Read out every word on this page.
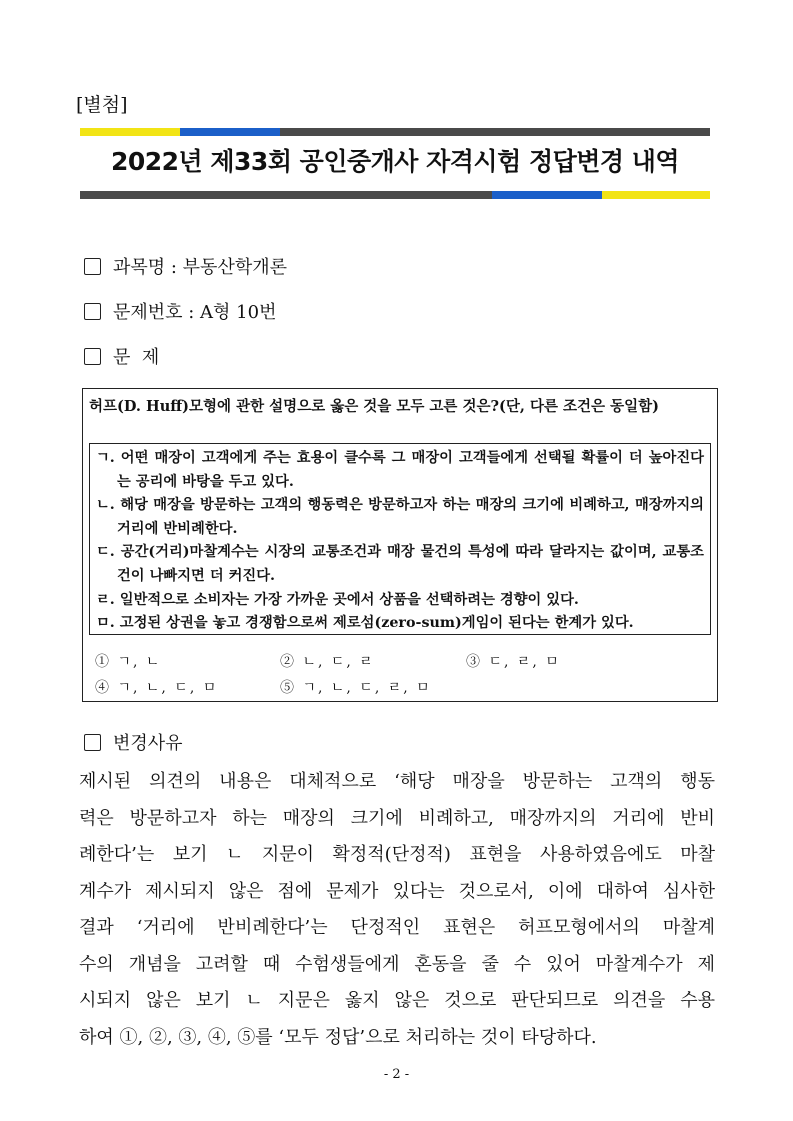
[별첨]
2022년 제33회 공인중개사 자격시험 정답변경 내역
과목명 : 부동산학개론
문제번호 : A형 10번
문  제
허프(D. Huff)모형에 관한 설명으로 옳은 것을 모두 고른 것은?(단, 다른 조건은 동일함)
ㄱ. 어떤 매장이 고객에게 주는 효용이 클수록 그 매장이 고객들에게 선택될 확률이 더 높아진다는 공리에 바탕을 두고 있다.
ㄴ. 해당 매장을 방문하는 고객의 행동력은 방문하고자 하는 매장의 크기에 비례하고, 매장까지의 거리에 반비례한다.
ㄷ. 공간(거리)마찰계수는 시장의 교통조건과 매장 물건의 특성에 따라 달라지는 값이며, 교통조건이 나빠지면 더 커진다.
ㄹ. 일반적으로 소비자는 가장 가까운 곳에서 상품을 선택하려는 경향이 있다.
ㅁ. 고정된 상권을 놓고 경쟁함으로써 제로섬(zero-sum)게임이 된다는 한계가 있다.
① ㄱ, ㄴ	② ㄴ, ㄷ, ㄹ	③ ㄷ, ㄹ, ㅁ
④ ㄱ, ㄴ, ㄷ, ㅁ	⑤ ㄱ, ㄴ, ㄷ, ㄹ, ㅁ
변경사유
제시된 의견의 내용은 대체적으로 ‘해당 매장을 방문하는 고객의 행동
력은 방문하고자 하는 매장의 크기에 비례하고, 매장까지의 거리에 반비
례한다’는 보기 ㄴ 지문이 확정적(단정적) 표현을 사용하였음에도 마찰
계수가 제시되지 않은 점에 문제가 있다는 것으로서, 이에 대하여 심사한
결과 ‘거리에 반비례한다’는 단정적인 표현은 허프모형에서의 마찰계
수의 개념을 고려할 때 수험생들에게 혼동을 줄 수 있어 마찰계수가 제
시되지 않은 보기 ㄴ 지문은 옳지 않은 것으로 판단되므로 의견을 수용
하여 ①, ②, ③, ④, ⑤를 ‘모두 정답’으로 처리하는 것이 타당하다.
- 2 -
